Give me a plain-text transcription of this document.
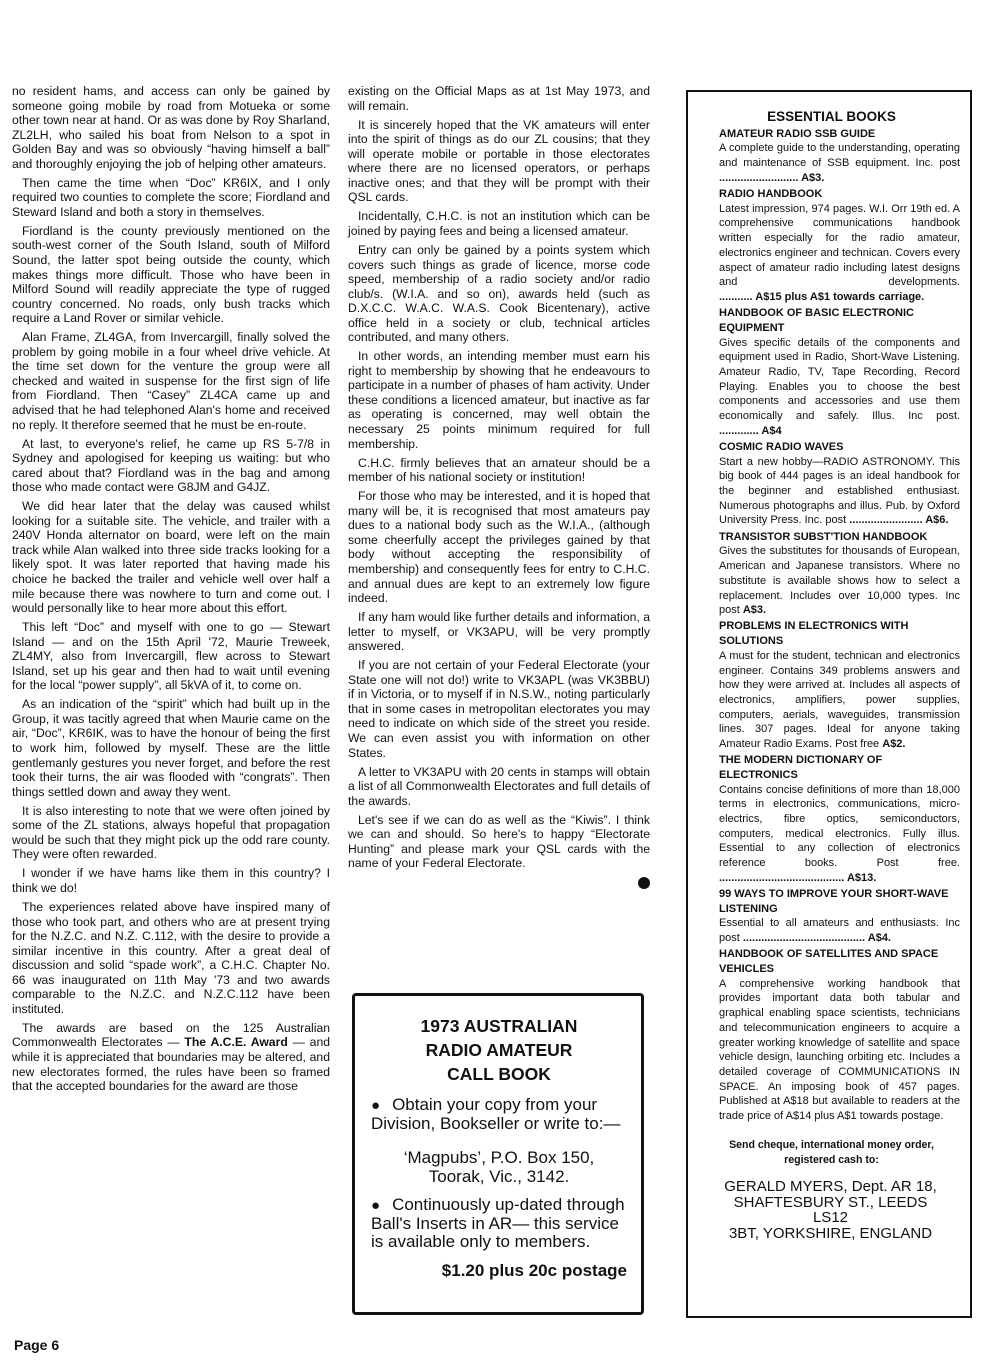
no resident hams, and access can only be gained by someone going mobile by road from Motueka or some other town near at hand. Or as was done by Roy Sharland, ZL2LH, who sailed his boat from Nelson to a spot in Golden Bay and was so obviously “having himself a ball” and thoroughly enjoying the job of helping other amateurs.

Then came the time when “Doc” KR6IX, and I only required two counties to complete the score; Fiordland and Steward Island and both a story in themselves.

Fiordland is the county previously mentioned on the south-west corner of the South Island, south of Milford Sound, the latter spot being outside the county, which makes things more difficult. Those who have been in Milford Sound will readily appreciate the type of rugged country concerned. No roads, only bush tracks which require a Land Rover or similar vehicle.

Alan Frame, ZL4GA, from Invercargill, finally solved the problem by going mobile in a four wheel drive vehicle. At the time set down for the venture the group were all checked and waited in suspense for the first sign of life from Fiordland. Then “Casey” ZL4CA came up and advised that he had telephoned Alan's home and received no reply. It therefore seemed that he must be en-route.

At last, to everyone's relief, he came up RS 5-7/8 in Sydney and apologised for keeping us waiting: but who cared about that? Fiordland was in the bag and among those who made contact were G8JM and G4JZ.

We did hear later that the delay was caused whilst looking for a suitable site. The vehicle, and trailer with a 240V Honda alternator on board, were left on the main track while Alan walked into three side tracks looking for a likely spot. It was later reported that having made his choice he backed the trailer and vehicle well over half a mile because there was nowhere to turn and come out. I would personally like to hear more about this effort.

This left “Doc” and myself with one to go — Stewart Island — and on the 15th April '72, Maurie Treweek, ZL4MY, also from Invercargill, flew across to Stewart Island, set up his gear and then had to wait until evening for the local “power supply”, all 5kVA of it, to come on.

As an indication of the “spirit” which had built up in the Group, it was tacitly agreed that when Maurie came on the air, “Doc”, KR6IK, was to have the honour of being the first to work him, followed by myself. These are the little gentlemanly gestures you never forget, and before the rest took their turns, the air was flooded with “congrats”. Then things settled down and away they went.

It is also interesting to note that we were often joined by some of the ZL stations, always hopeful that propagation would be such that they might pick up the odd rare county. They were often rewarded.

I wonder if we have hams like them in this country? I think we do!

The experiences related above have inspired many of those who took part, and others who are at present trying for the N.Z.C. and N.Z. C.112, with the desire to provide a similar incentive in this country. After a great deal of discussion and solid “spade work”, a C.H.C. Chapter No. 66 was inaugurated on 11th May '73 and two awards comparable to the N.Z.C. and N.Z.C.112 have been instituted.

The awards are based on the 125 Australian Commonwealth Electorates — The A.C.E. Award — and while it is appreciated that boundaries may be altered, and new electorates formed, the rules have been so framed that the accepted boundaries for the award are those

existing on the Official Maps as at 1st May 1973, and will remain.

It is sincerely hoped that the VK amateurs will enter into the spirit of things as do our ZL cousins; that they will operate mobile or portable in those electorates where there are no licensed operators, or perhaps inactive ones; and that they will be prompt with their QSL cards.

Incidentally, C.H.C. is not an institution which can be joined by paying fees and being a licensed amateur.

Entry can only be gained by a points system which covers such things as grade of licence, morse code speed, membership of a radio society and/or radio club/s. (W.I.A. and so on), awards held (such as D.X.C.C. W.A.C. W.A.S. Cook Bicentenary), active office held in a society or club, technical articles contributed, and many others.

In other words, an intending member must earn his right to membership by showing that he endeavours to participate in a number of phases of ham activity. Under these conditions a licenced amateur, but inactive as far as operating is concerned, may well obtain the necessary 25 points minimum required for full membership.

C.H.C. firmly believes that an amateur should be a member of his national society or institution!

For those who may be interested, and it is hoped that many will be, it is recognised that most amateurs pay dues to a national body such as the W.I.A., (although some cheerfully accept the privileges gained by that body without accepting the responsibility of membership) and consequently fees for entry to C.H.C. and annual dues are kept to an extremely low figure indeed.

If any ham would like further details and information, a letter to myself, or VK3APU, will be very promptly answered.

If you are not certain of your Federal Electorate (your State one will not do!) write to VK3APL (was VK3BBU) if in Victoria, or to myself if in N.S.W., noting particularly that in some cases in metropolitan electorates you may need to indicate on which side of the street you reside. We can even assist you with information on other States.

A letter to VK3APU with 20 cents in stamps will obtain a list of all Commonwealth Electorates and full details of the awards.

Let's see if we can do as well as the “Kiwis”. I think we can and should. So here's to happy “Electorate Hunting” and please mark your QSL cards with the name of your Federal Electorate.

1973 AUSTRALIAN
RADIO AMATEUR
CALL BOOK
● Obtain your copy from your Division, Bookseller or write to:—
‘Magpubs’, P.O. Box 150,
Toorak, Vic., 3142.
● Continuously up-dated through Ball's Inserts in AR— this service is available only to members.
$1.20 plus 20c postage
ESSENTIAL BOOKS
AMATEUR RADIO SSB GUIDE
A complete guide to the understanding, operating and maintenance of SSB equipment. Inc. post .......................... A$3.
RADIO HANDBOOK
Latest impression, 974 pages. W.I. Orr 19th ed. A comprehensive communications handbook written especially for the radio amateur, electronics engineer and technican. Covers every aspect of amateur radio including latest designs and developments. ........... A$15 plus A$1 towards carriage.
HANDBOOK OF BASIC ELECTRONIC EQUIPMENT
Gives specific details of the components and equipment used in Radio, Short-Wave Listening. Amateur Radio, TV, Tape Recording, Record Playing. Enables you to choose the best components and accessories and use them economically and safely. Illus. Inc post. ............. A$4
COSMIC RADIO WAVES
Start a new hobby—RADIO ASTRONOMY. This big book of 444 pages is an ideal handbook for the beginner and established enthusiast. Numerous photographs and illus. Pub. by Oxford University Press. Inc. post ........................ A$6.
TRANSISTOR SUBST'TION HANDBOOK
Gives the substitutes for thousands of European, American and Japanese transistors. Where no substitute is available shows how to select a replacement. Includes over 10,000 types. Inc post A$3.
PROBLEMS IN ELECTRONICS WITH SOLUTIONS
A must for the student, technican and electronics engineer. Contains 349 problems answers and how they were arrived at. Includes all aspects of electronics, amplifiers, power supplies, computers, aerials, waveguides, transmission lines. 307 pages. Ideal for anyone taking Amateur Radio Exams. Post free A$2.
THE MODERN DICTIONARY OF ELECTRONICS
Contains concise definitions of more than 18,000 terms in electronics, communications, micro-electrics, fibre optics, semiconductors, computers, medical electronics. Fully illus. Essential to any collection of electronics reference books. Post free. ......................................... A$13.
99 WAYS TO IMPROVE YOUR SHORT-WAVE LISTENING
Essential to all amateurs and enthusiasts. Inc post ........................................ A$4.
HANDBOOK OF SATELLITES AND SPACE VEHICLES
A comprehensive working handbook that provides important data both tabular and graphical enabling space scientists, technicians and telecommunication engineers to acquire a greater working knowledge of satellite and space vehicle design, launching orbiting etc. Includes a detailed coverage of COMMUNICATIONS IN SPACE. An imposing book of 457 pages. Published at A$18 but available to readers at the trade price of A$14 plus A$1 towards postage.
Send cheque, international money order,
registered cash to:
GERALD MYERS, Dept. AR 18,
SHAFTESBURY ST., LEEDS LS12
3BT, YORKSHIRE, ENGLAND
Page 6
